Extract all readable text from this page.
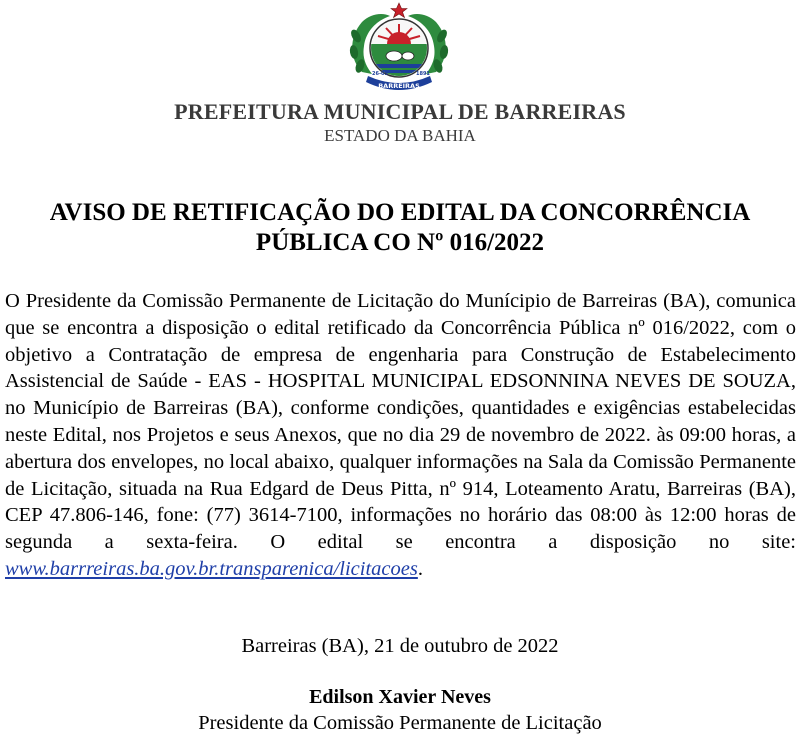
BARREIRAS
26-05	1891
PREFEITURA MUNICIPAL DE BARREIRAS
ESTADO DA BAHIA
AVISO DE RETIFICAÇÃO DO EDITAL DA CONCORRÊNCIA
PÚBLICA CO Nº 016/2022
O Presidente da Comissão Permanente de Licitação do Munícipio de Barreiras (BA), comunica que se encontra a disposição o edital retificado da Concorrência Pública nº 016/2022, com o objetivo a Contratação de empresa de engenharia para Construção de Estabelecimento Assistencial de Saúde - EAS - HOSPITAL MUNICIPAL EDSONNINA NEVES DE SOUZA, no Município de Barreiras (BA), conforme condições, quantidades e exigências estabelecidas neste Edital, nos Projetos e seus Anexos, que no dia 29 de novembro de 2022. às 09:00 horas, a abertura dos envelopes, no local abaixo, qualquer informações na Sala da Comissão Permanente de Licitação, situada na Rua Edgard de Deus Pitta, nº 914, Loteamento Aratu, Barreiras (BA), CEP 47.806-146, fone: (77) 3614-7100, informações no horário das 08:00 às 12:00 horas de segunda a sexta-feira. O edital se encontra a disposição no site: www.barrreiras.ba.gov.br.transparenica/licitacoes.
Barreiras (BA), 21 de outubro de 2022
Edilson Xavier Neves
Presidente da Comissão Permanente de Licitação
